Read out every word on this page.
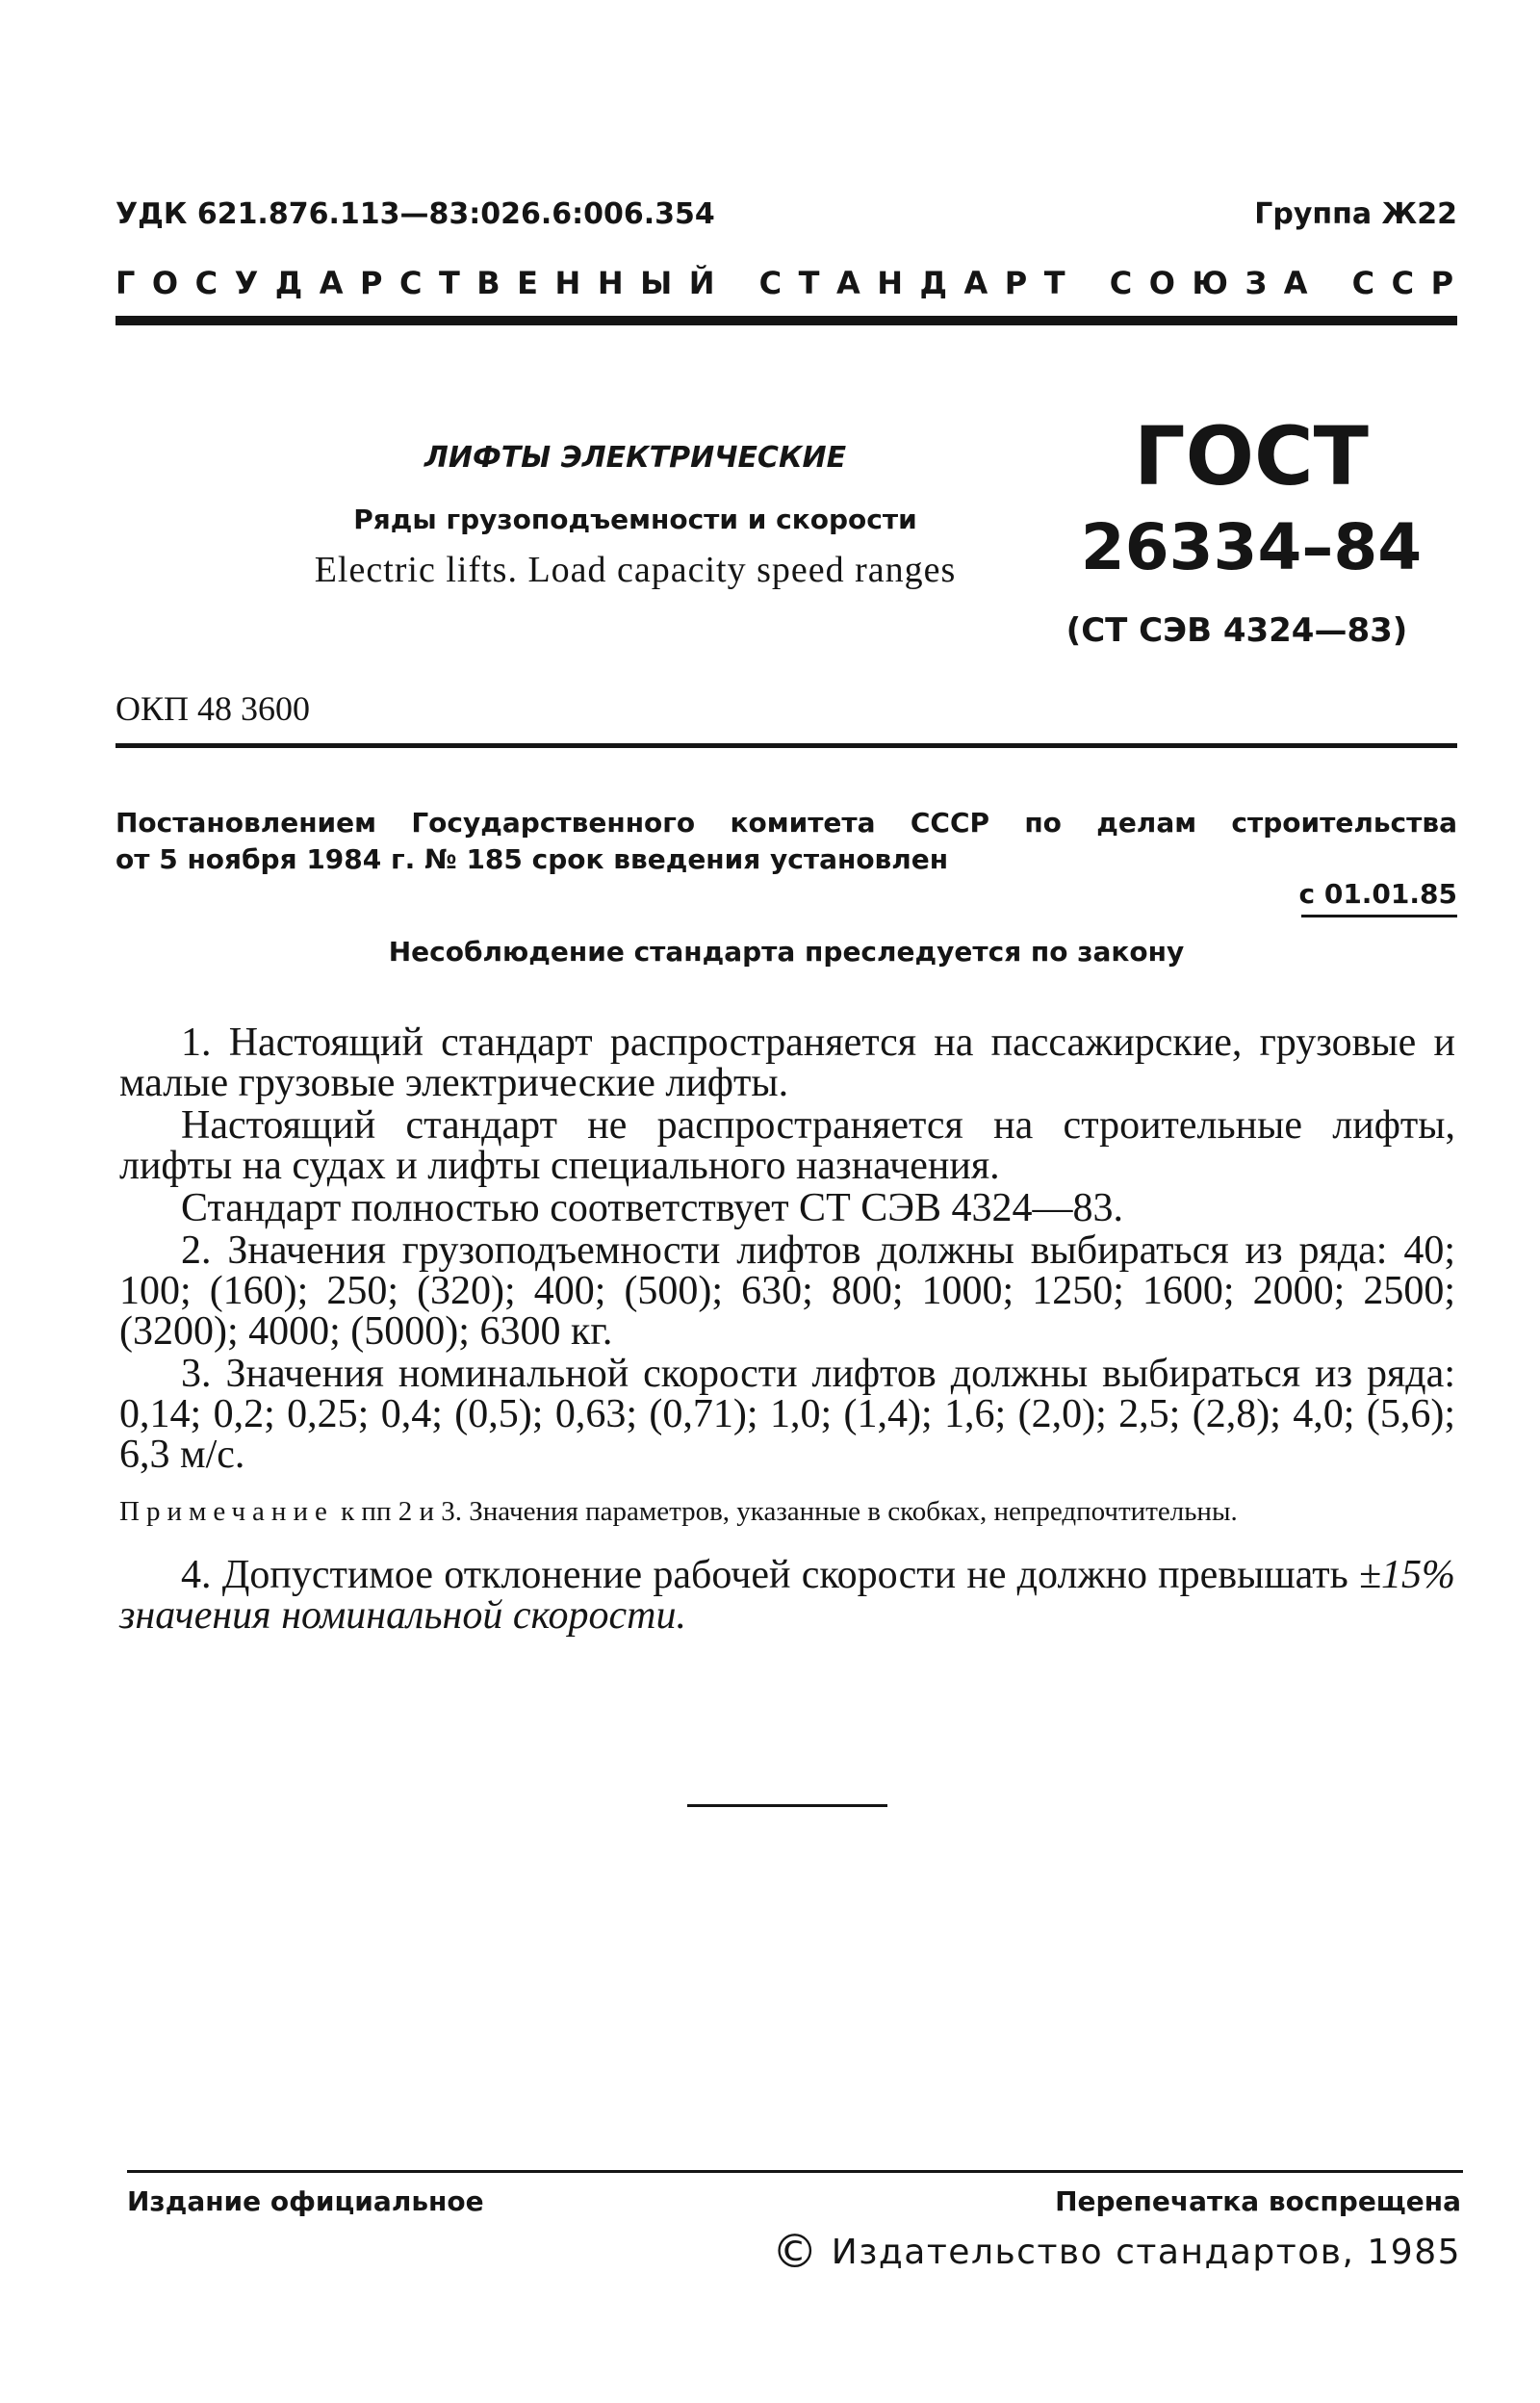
УДК 621.876.113—83:026.6:006.354	Группа Ж22
ГОСУДАРСТВЕННЫЙ СТАНДАРТ СОЮЗА ССР
ЛИФТЫ ЭЛЕКТРИЧЕСКИЕ
Ряды грузоподъемности и скорости
Electric lifts. Load capacity speed ranges
ГОСТ
26334–84
(СТ СЭВ 4324—83)
ОКП 48 3600
Постановлением Государственного комитета СССР по делам строительства
от 5 ноября 1984 г. № 185 срок введения установлен
с 01.01.85
Несоблюдение стандарта преследуется по закону

1. Настоящий стандарт распространяется на пассажирские, грузовые и малые грузовые электрические лифты.

Настоящий стандарт не распространяется на строительные лифты, лифты на судах и лифты специального назначения.

Стандарт полностью соответствует СТ СЭВ 4324—83.

2. Значения грузоподъемности лифтов должны выбираться из ряда: 40; 100; (160); 250; (320); 400; (500); 630; 800; 1000; 1250; 1600; 2000; 2500; (3200); 4000; (5000); 6300 кг.

3. Значения номинальной скорости лифтов должны выбираться из ряда: 0,14; 0,2; 0,25; 0,4; (0,5); 0,63; (0,71); 1,0; (1,4); 1,6; (2,0); 2,5; (2,8); 4,0; (5,6); 6,3 м/с.

Примечание к пп 2 и 3. Значения параметров, указанные в скобках, непредпочтительны.

4. Допустимое отклонение рабочей скорости не должно превышать ±15% значения номинальной скорости.

Издание официальное	Перепечатка воспрещена
© Издательство стандартов, 1985
